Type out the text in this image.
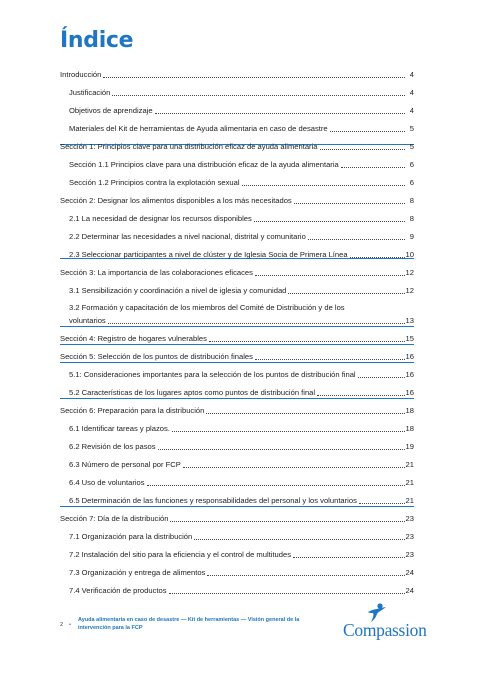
Índice
Introducción	4
Justificación	4
Objetivos de aprendizaje	4
Materiales del Kit de herramientas de Ayuda alimentaria en caso de desastre	5
Sección 1: Principios clave para una distribución eficaz de ayuda alimentaria	5
Sección 1.1 Principios clave para una distribución eficaz de la ayuda alimentaria	6
Sección 1.2 Principios contra la explotación sexual	6
Sección 2: Designar los alimentos disponibles a los más necesitados	8
2.1 La necesidad de designar los recursos disponibles	8
2.2 Determinar las necesidades a nivel nacional, distrital y comunitario	9
2.3 Seleccionar participantes a nivel de clúster y de Iglesia Socia de Primera Línea	10
Sección 3: La importancia de las colaboraciones eficaces	12
3.1 Sensibilización y coordinación a nivel de iglesia y comunidad	12
3.2 Formación y capacitación de los miembros del Comité de Distribución y de los
voluntarios	13
Sección 4: Registro de hogares vulnerables	15
Sección 5: Selección de los puntos de distribución finales	16
5.1: Consideraciones importantes para la selección de los puntos de distribución final	16
5.2 Características de los lugares aptos como puntos de distribución final	16
Sección 6: Preparación para la distribución	18
6.1 Identificar tareas y plazos.	18
6.2 Revisión de los pasos	19
6.3 Número de personal por FCP	21
6.4 Uso de voluntarios	21
6.5 Determinación de las funciones y responsabilidades del personal y los voluntarios	21
Sección 7: Día de la distribución	23
7.1 Organización para la distribución	23
7.2 Instalación del sitio para la eficiencia y el control de multitudes	23
7.3 Organización y entrega de alimentos	24
7.4 Verificación de productos	24
2 •
Ayuda alimentaria en caso de desastre — Kit de herramientas — Visión general de la intervención para la FCP	Compassion
